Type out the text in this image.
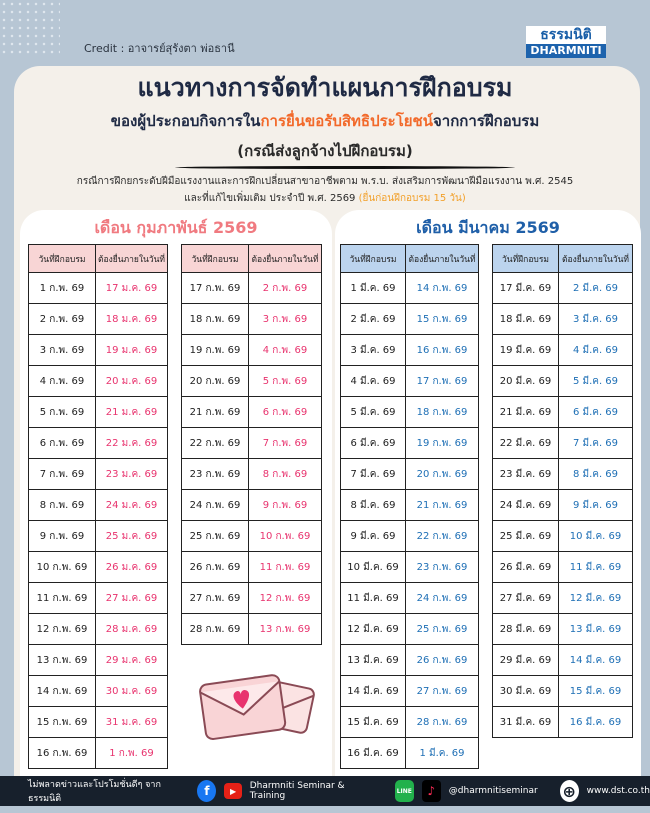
Credit : อาจารย์สุรังตา พ่อธานี
ธรรมนิติ
DHARMNITI
แนวทางการจัดทำแผนการฝึกอบรม
ของผู้ประกอบกิจการในการยื่นขอรับสิทธิประโยชน์จากการฝึกอบรม
(กรณีส่งลูกจ้างไปฝึกอบรม)
กรณีการฝึกยกระดับฝีมือแรงงานและการฝึกเปลี่ยนสาขาอาชีพตาม พ.ร.บ. ส่งเสริมการพัฒนาฝีมือแรงงาน พ.ศ. 2545
และที่แก้ไขเพิ่มเติม ประจำปี พ.ศ. 2569 (ยื่นก่อนฝึกอบรม 15 วัน)
เดือน กุมภาพันธ์ 2569	เดือน มีนาคม 2569
วันที่ฝึกอบรม	ต้องยื่นภายในวันที่
1 ก.พ. 69	17 ม.ค. 69
2 ก.พ. 69	18 ม.ค. 69
3 ก.พ. 69	19 ม.ค. 69
4 ก.พ. 69	20 ม.ค. 69
5 ก.พ. 69	21 ม.ค. 69
6 ก.พ. 69	22 ม.ค. 69
7 ก.พ. 69	23 ม.ค. 69
8 ก.พ. 69	24 ม.ค. 69
9 ก.พ. 69	25 ม.ค. 69
10 ก.พ. 69	26 ม.ค. 69
11 ก.พ. 69	27 ม.ค. 69
12 ก.พ. 69	28 ม.ค. 69
13 ก.พ. 69	29 ม.ค. 69
14 ก.พ. 69	30 ม.ค. 69
15 ก.พ. 69	31 ม.ค. 69
16 ก.พ. 69	1 ก.พ. 69
วันที่ฝึกอบรม	ต้องยื่นภายในวันที่
17 ก.พ. 69	2 ก.พ. 69
18 ก.พ. 69	3 ก.พ. 69
19 ก.พ. 69	4 ก.พ. 69
20 ก.พ. 69	5 ก.พ. 69
21 ก.พ. 69	6 ก.พ. 69
22 ก.พ. 69	7 ก.พ. 69
23 ก.พ. 69	8 ก.พ. 69
24 ก.พ. 69	9 ก.พ. 69
25 ก.พ. 69	10 ก.พ. 69
26 ก.พ. 69	11 ก.พ. 69
27 ก.พ. 69	12 ก.พ. 69
28 ก.พ. 69	13 ก.พ. 69
วันที่ฝึกอบรม	ต้องยื่นภายในวันที่
1 มี.ค. 69	14 ก.พ. 69
2 มี.ค. 69	15 ก.พ. 69
3 มี.ค. 69	16 ก.พ. 69
4 มี.ค. 69	17 ก.พ. 69
5 มี.ค. 69	18 ก.พ. 69
6 มี.ค. 69	19 ก.พ. 69
7 มี.ค. 69	20 ก.พ. 69
8 มี.ค. 69	21 ก.พ. 69
9 มี.ค. 69	22 ก.พ. 69
10 มี.ค. 69	23 ก.พ. 69
11 มี.ค. 69	24 ก.พ. 69
12 มี.ค. 69	25 ก.พ. 69
13 มี.ค. 69	26 ก.พ. 69
14 มี.ค. 69	27 ก.พ. 69
15 มี.ค. 69	28 ก.พ. 69
16 มี.ค. 69	1 มี.ค. 69
วันที่ฝึกอบรม	ต้องยื่นภายในวันที่
17 มี.ค. 69	2 มี.ค. 69
18 มี.ค. 69	3 มี.ค. 69
19 มี.ค. 69	4 มี.ค. 69
20 มี.ค. 69	5 มี.ค. 69
21 มี.ค. 69	6 มี.ค. 69
22 มี.ค. 69	7 มี.ค. 69
23 มี.ค. 69	8 มี.ค. 69
24 มี.ค. 69	9 มี.ค. 69
25 มี.ค. 69	10 มี.ค. 69
26 มี.ค. 69	11 มี.ค. 69
27 มี.ค. 69	12 มี.ค. 69
28 มี.ค. 69	13 มี.ค. 69
29 มี.ค. 69	14 มี.ค. 69
30 มี.ค. 69	15 มี.ค. 69
31 มี.ค. 69	16 มี.ค. 69
ไม่พลาดข่าวและโปรโมชั่นดีๆ จากธรรมนิติ
f	▶	Dharmniti Seminar & Training	LINE	♪	@dharmnitiseminar ⊕	www.dst.co.th
